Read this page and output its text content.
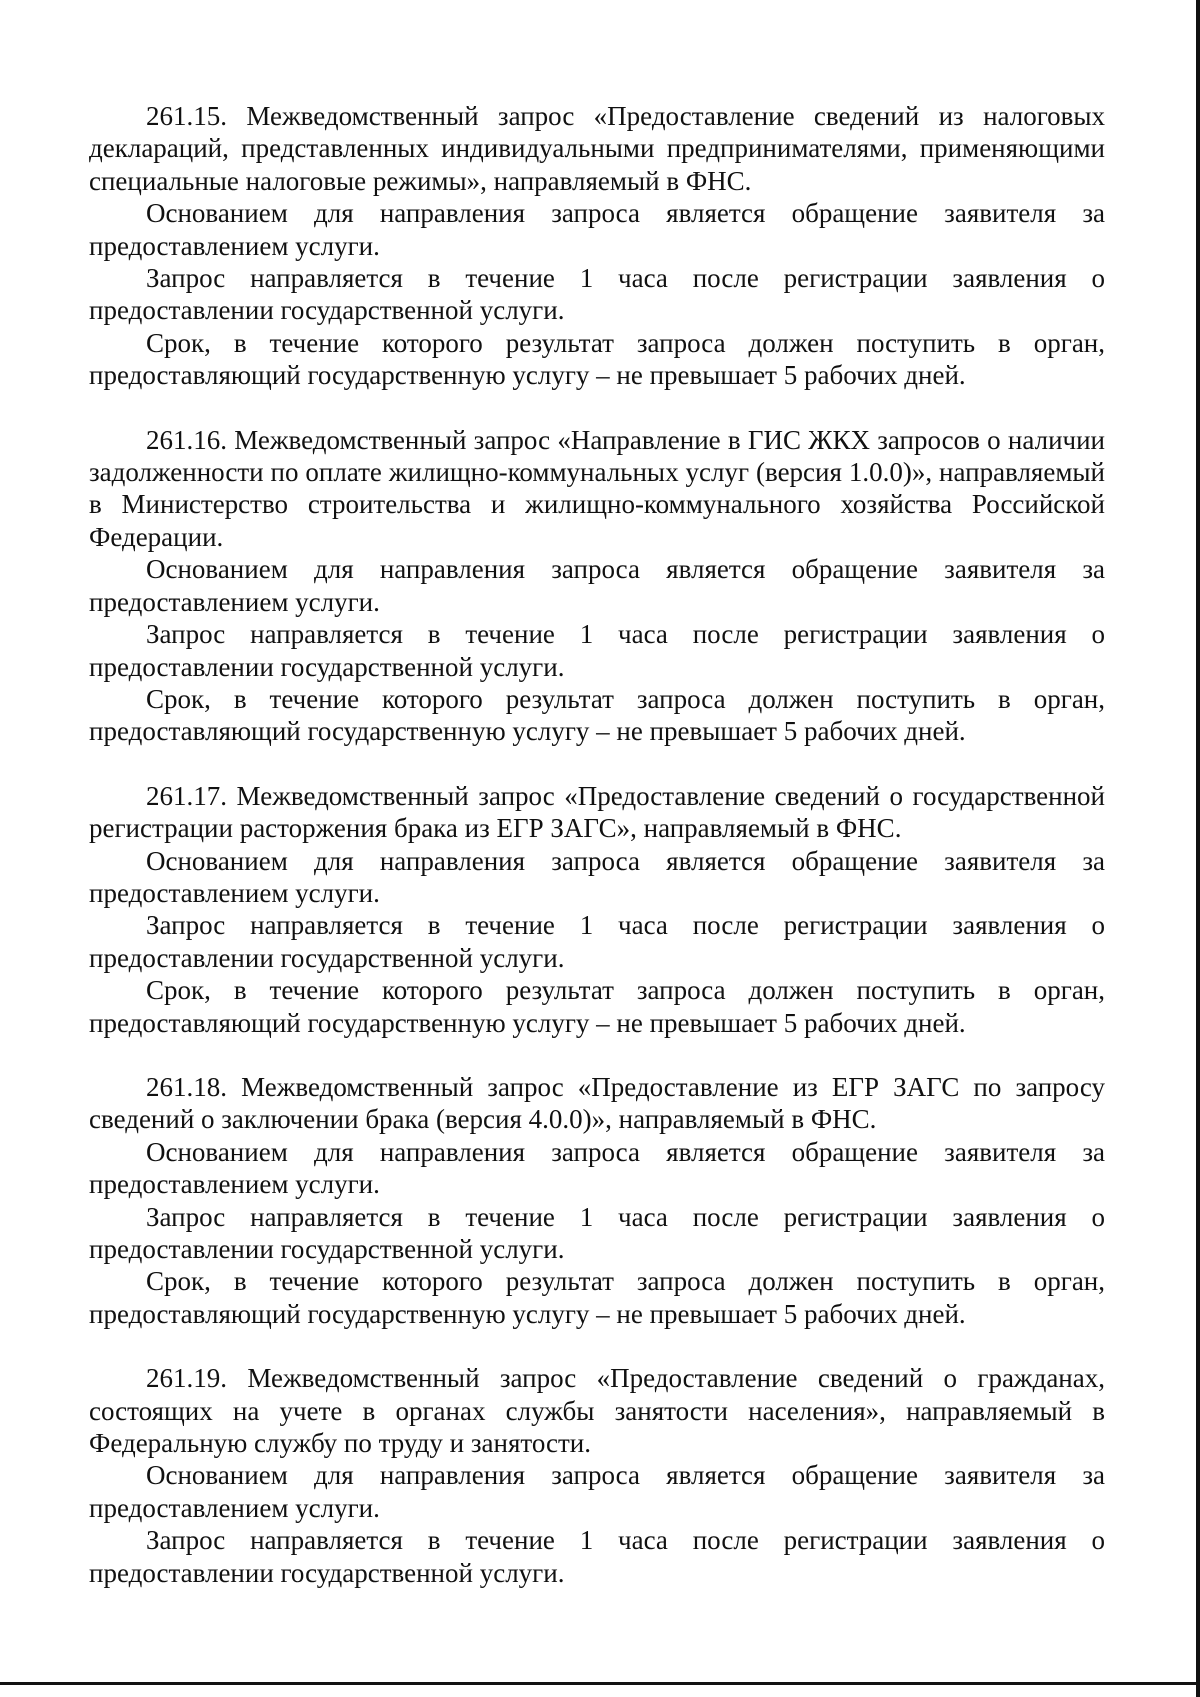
261.15. Межведомственный запрос «Предоставление сведений из налоговых деклараций, представленных индивидуальными предпринимателями, применяющими специальные налоговые режимы», направляемый в ФНС.

Основанием для направления запроса является обращение заявителя за предоставлением услуги.

Запрос направляется в течение 1 часа после регистрации заявления о предоставлении государственной услуги.

Срок, в течение которого результат запроса должен поступить в орган, предоставляющий государственную услугу – не превышает 5 рабочих дней.

261.16. Межведомственный запрос «Направление в ГИС ЖКХ запросов о наличии задолженности по оплате жилищно-коммунальных услуг (версия 1.0.0)», направляемый в Министерство строительства и жилищно-коммунального хозяйства Российской Федерации.

Основанием для направления запроса является обращение заявителя за предоставлением услуги.

Запрос направляется в течение 1 часа после регистрации заявления о предоставлении государственной услуги.

Срок, в течение которого результат запроса должен поступить в орган, предоставляющий государственную услугу – не превышает 5 рабочих дней.

261.17. Межведомственный запрос «Предоставление сведений о государственной регистрации расторжения брака из ЕГР ЗАГС», направляемый в ФНС.

Основанием для направления запроса является обращение заявителя за предоставлением услуги.

Запрос направляется в течение 1 часа после регистрации заявления о предоставлении государственной услуги.

Срок, в течение которого результат запроса должен поступить в орган, предоставляющий государственную услугу – не превышает 5 рабочих дней.

261.18. Межведомственный запрос «Предоставление из ЕГР ЗАГС по запросу сведений о заключении брака (версия 4.0.0)», направляемый в ФНС.

Основанием для направления запроса является обращение заявителя за предоставлением услуги.

Запрос направляется в течение 1 часа после регистрации заявления о предоставлении государственной услуги.

Срок, в течение которого результат запроса должен поступить в орган, предоставляющий государственную услугу – не превышает 5 рабочих дней.

261.19. Межведомственный запрос «Предоставление сведений о гражданах, состоящих на учете в органах службы занятости населения», направляемый в Федеральную службу по труду и занятости.

Основанием для направления запроса является обращение заявителя за предоставлением услуги.

Запрос направляется в течение 1 часа после регистрации заявления о предоставлении государственной услуги.
